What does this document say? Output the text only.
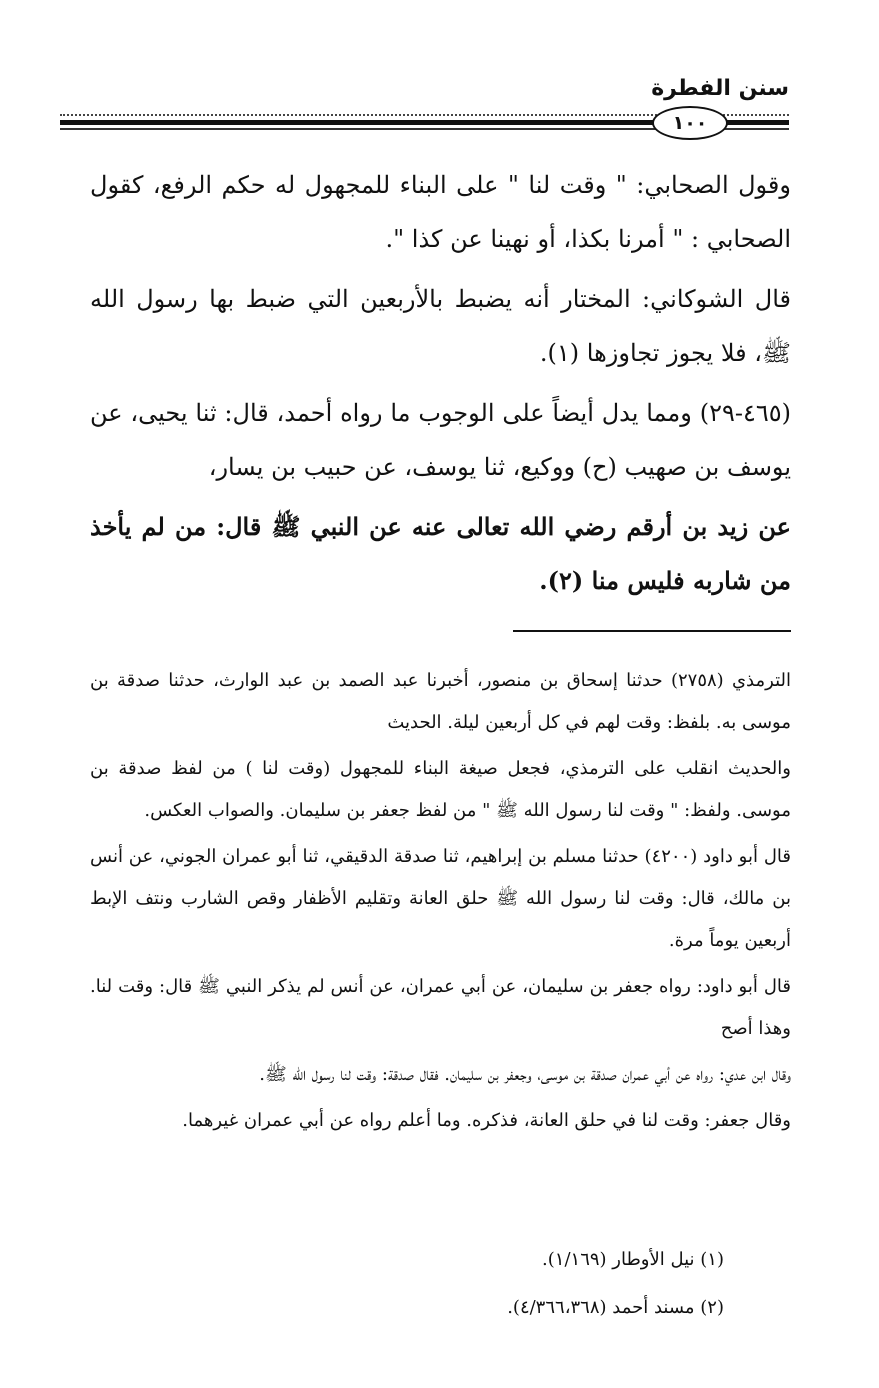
سنن الفطرة
١٠٠

وقول الصحابي: " وقت لنا " على البناء للمجهول له حكم الرفع، كقول الصحابي : " أمرنا بكذا، أو نهينا عن كذا ".

قال الشوكاني: المختار أنه يضبط بالأربعين التي ضبط بها رسول الله ﷺ، فلا يجوز تجاوزها (١).

(٤٦٥-٢٩) ومما يدل أيضاً على الوجوب ما رواه أحمد، قال: ثنا يحيى، عن يوسف بن صهيب (ح) ووكيع، ثنا يوسف، عن حبيب بن يسار،

عن زيد بن أرقم رضي الله تعالى عنه عن النبي ﷺ قال: من لم يأخذ من شاربه فليس منا (٢).

الترمذي (٢٧٥٨) حدثنا إسحاق بن منصور، أخبرنا عبد الصمد بن عبد الوارث، حدثنا صدقة بن موسى به. بلفظ: وقت لهم في كل أربعين ليلة. الحديث

والحديث انقلب على الترمذي، فجعل صيغة البناء للمجهول (وقت لنا ) من لفظ صدقة بن موسى. ولفظ: " وقت لنا رسول الله ﷺ " من لفظ جعفر بن سليمان. والصواب العكس.

قال أبو داود (٤٢٠٠) حدثنا مسلم بن إبراهيم، ثنا صدقة الدقيقي، ثنا أبو عمران الجوني، عن أنس بن مالك، قال: وقت لنا رسول الله ﷺ حلق العانة وتقليم الأظفار وقص الشارب ونتف الإبط أربعين يوماً مرة.

قال أبو داود: رواه جعفر بن سليمان، عن أبي عمران، عن أنس لم يذكر النبي ﷺ قال: وقت لنا. وهذا أصح

وقال ابن عدي: رواه عن أبي عمران صدقة بن موسى، وجعفر بن سليمان. فقال صدقة: وقت لنا رسول الله ﷺ.

وقال جعفر: وقت لنا في حلق العانة، فذكره. وما أعلم رواه عن أبي عمران غيرهما.

(١) نيل الأوطار (١/١٦٩).

(٢) مسند أحمد (٤/٣٦٦،٣٦٨).
